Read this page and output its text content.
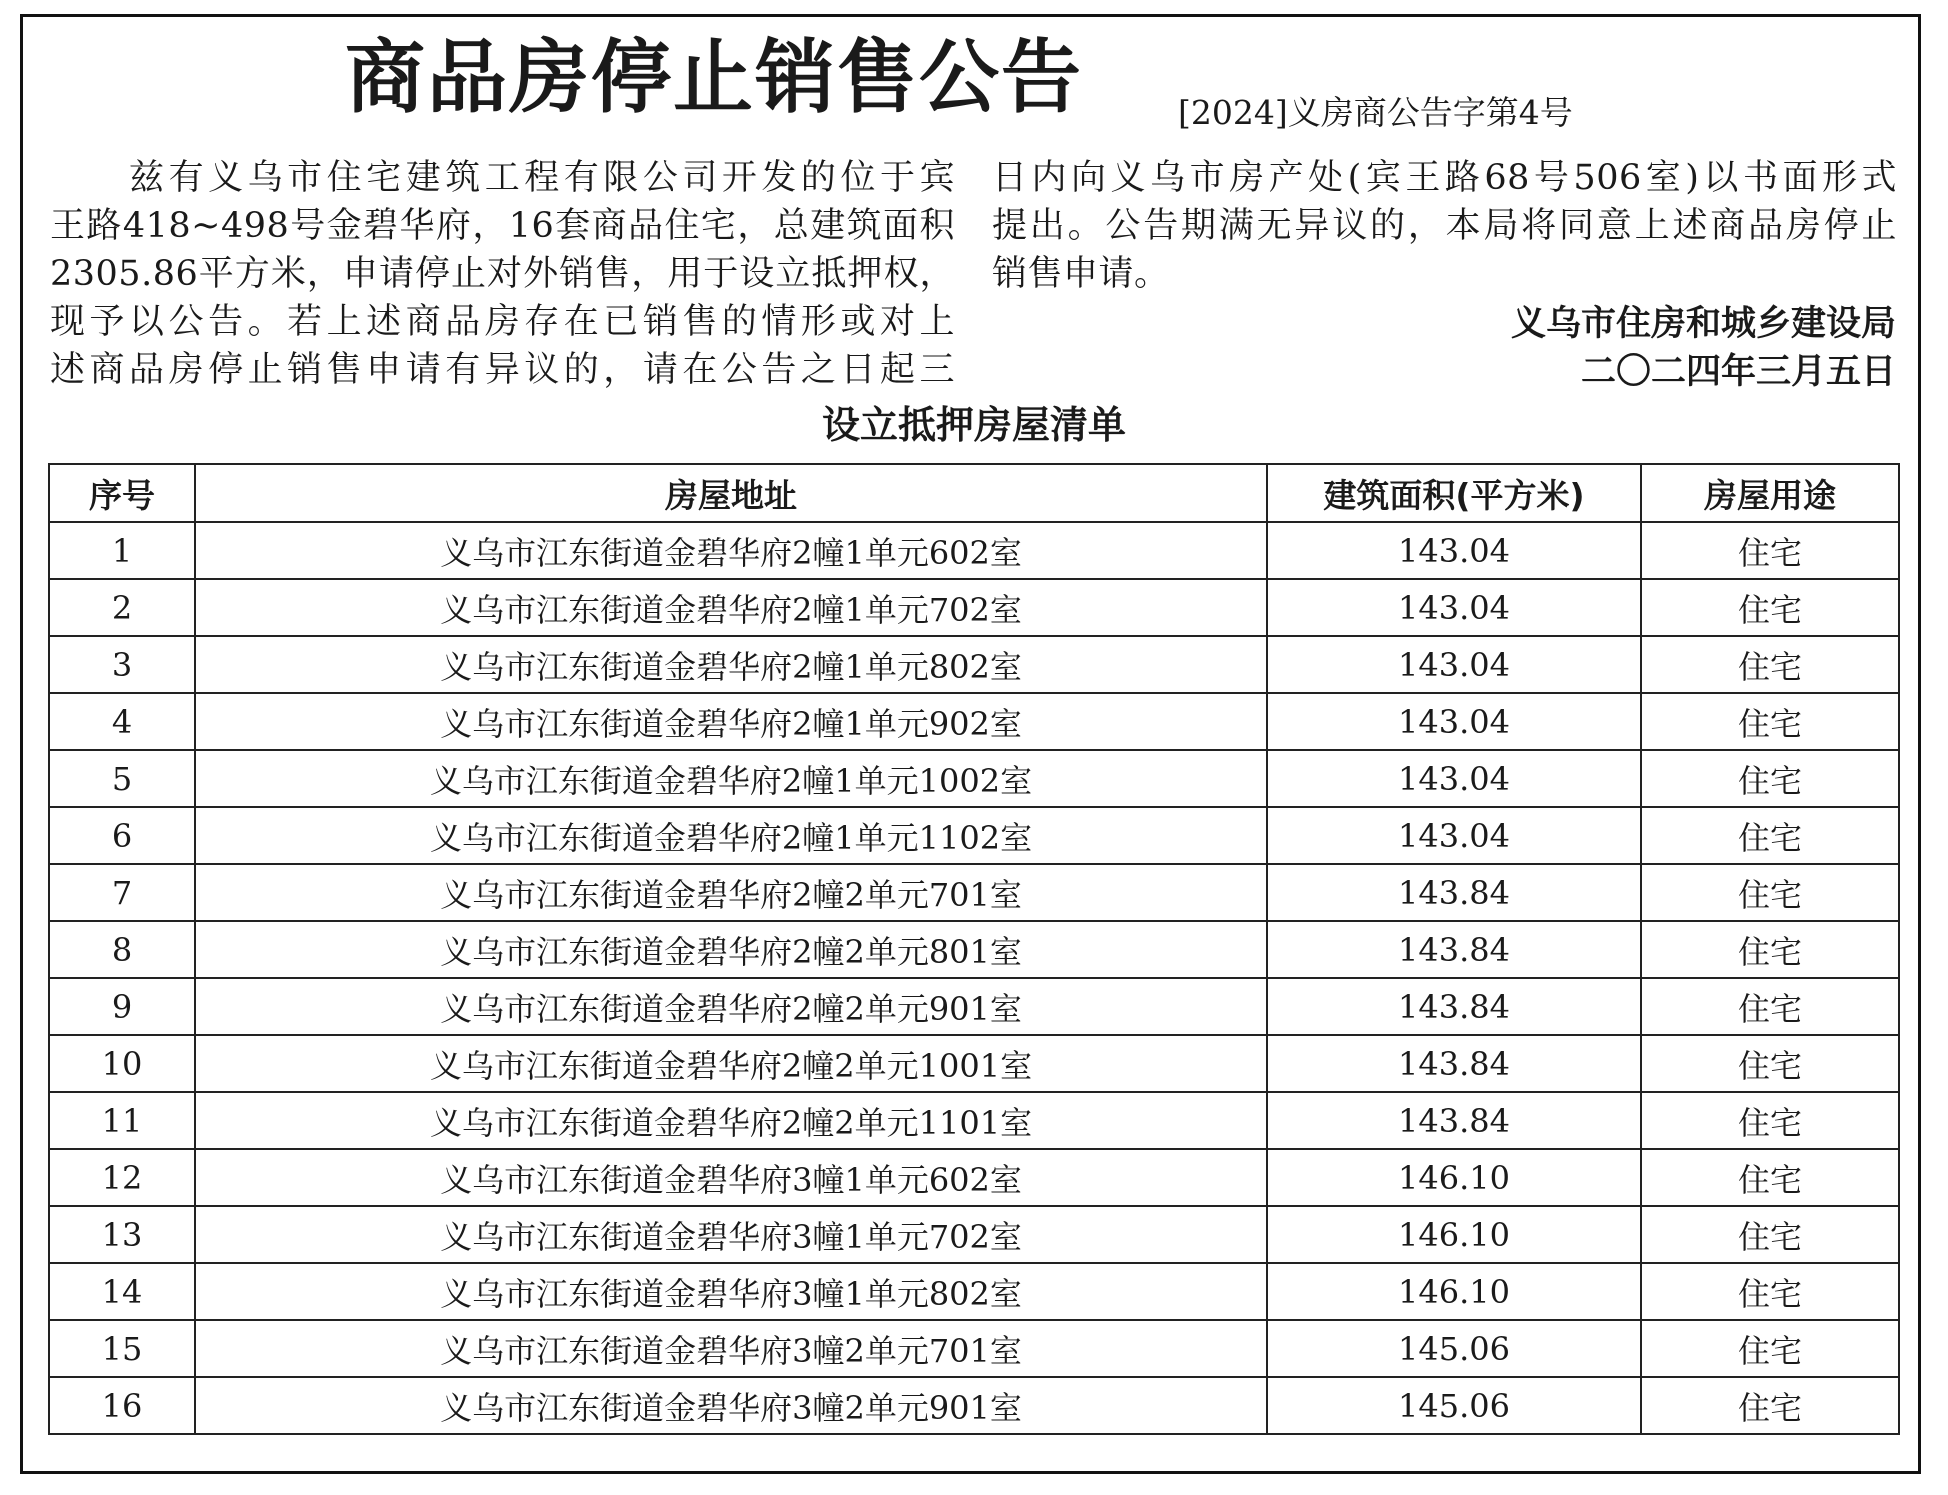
商品房停止销售公告	[2024]义房商公告字第4号
　　兹有义乌市住宅建筑工程有限公司开发的位于宾
王路418~498号金碧华府，16套商品住宅，总建筑面积
2305.86平方米，申请停止对外销售，用于设立抵押权，
现予以公告。若上述商品房存在已销售的情形或对上
述商品房停止销售申请有异议的，请在公告之日起三
日内向义乌市房产处(宾王路68号506室)以书面形式
提出。公告期满无异议的，本局将同意上述商品房停止
销售申请。
义乌市住房和城乡建设局
二〇二四年三月五日
设立抵押房屋清单
序号	房屋地址	建筑面积(平方米)	房屋用途
1	义乌市江东街道金碧华府2幢1单元602室	143.04	住宅
2	义乌市江东街道金碧华府2幢1单元702室	143.04	住宅
3	义乌市江东街道金碧华府2幢1单元802室	143.04	住宅
4	义乌市江东街道金碧华府2幢1单元902室	143.04	住宅
5	义乌市江东街道金碧华府2幢1单元1002室	143.04	住宅
6	义乌市江东街道金碧华府2幢1单元1102室	143.04	住宅
7	义乌市江东街道金碧华府2幢2单元701室	143.84	住宅
8	义乌市江东街道金碧华府2幢2单元801室	143.84	住宅
9	义乌市江东街道金碧华府2幢2单元901室	143.84	住宅
10	义乌市江东街道金碧华府2幢2单元1001室	143.84	住宅
11	义乌市江东街道金碧华府2幢2单元1101室	143.84	住宅
12	义乌市江东街道金碧华府3幢1单元602室	146.10	住宅
13	义乌市江东街道金碧华府3幢1单元702室	146.10	住宅
14	义乌市江东街道金碧华府3幢1单元802室	146.10	住宅
15	义乌市江东街道金碧华府3幢2单元701室	145.06	住宅
16	义乌市江东街道金碧华府3幢2单元901室	145.06	住宅
